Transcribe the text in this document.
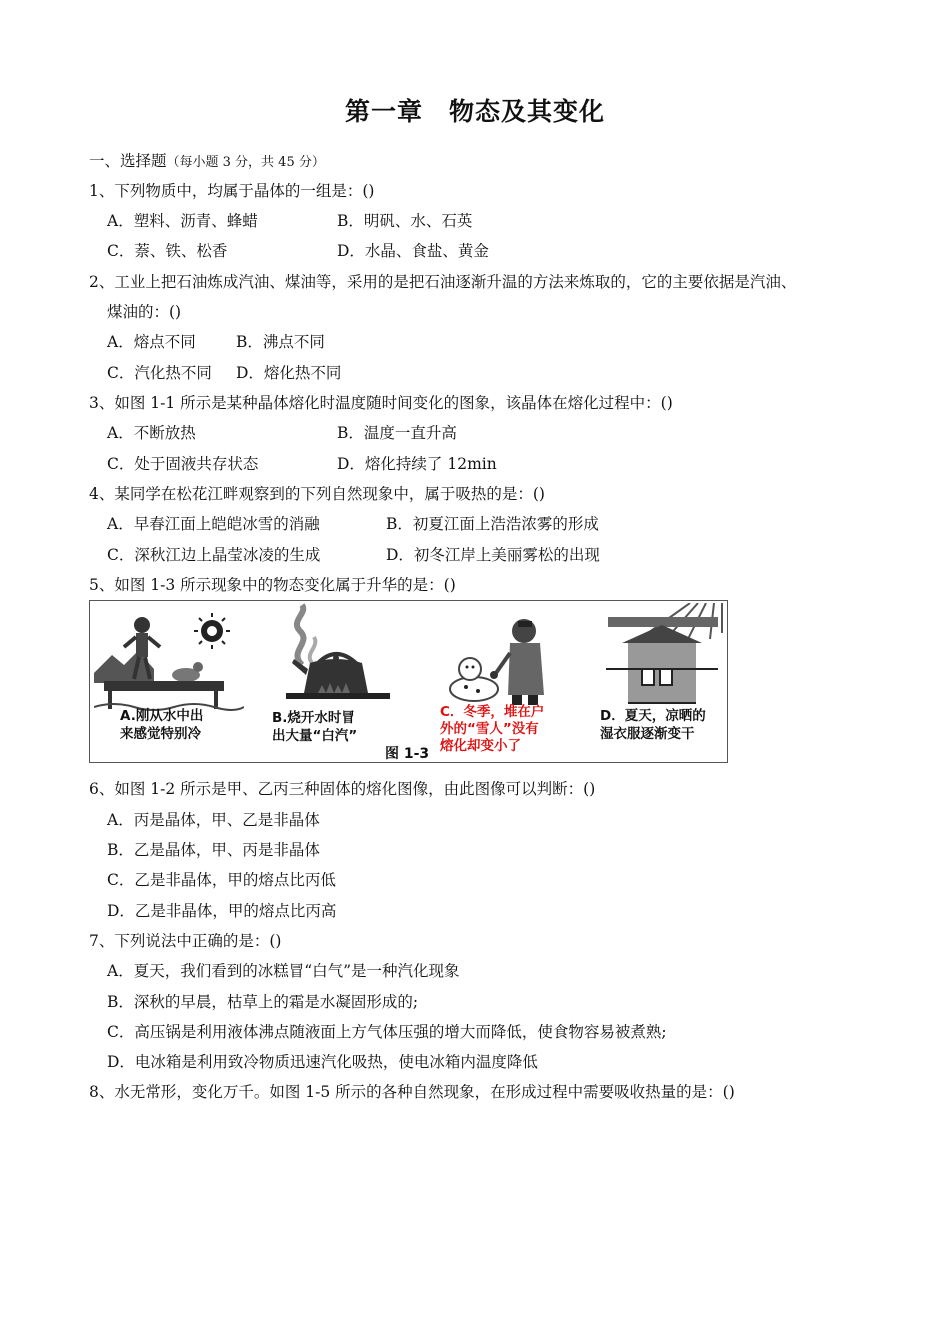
第一章 物态及其变化
一、选择题（每小题 3 分，共 45 分）
1、下列物质中，均属于晶体的一组是：()
A．塑料、沥青、蜂蜡	B．明矾、水、石英
C．萘、铁、松香	D．水晶、食盐、黄金
2、工业上把石油炼成汽油、煤油等，采用的是把石油逐渐升温的方法来炼取的，它的主要依据是汽油、
煤油的：()
A．熔点不同	B．沸点不同
C．汽化热不同 D．熔化热不同
3、如图 1-1 所示是某种晶体熔化时温度随时间变化的图象，该晶体在熔化过程中：()
A．不断放热	B．温度一直升高
C．处于固液共存状态	D．熔化持续了 12min
4、某同学在松花江畔观察到的下列自然现象中，属于吸热的是：()
A．早春江面上皑皑冰雪的消融	B．初夏江面上浩浩浓雾的形成
C．深秋江边上晶莹冰凌的生成	D．初冬江岸上美丽雾松的出现
5、如图 1-3 所示现象中的物态变化属于升华的是：()
A.刚从水中出
来感觉特别冷
B.烧开水时冒
出大量“白汽”
C．冬季，堆在户
外的“雪人”没有
熔化却变小了
D．夏天，凉晒的
湿衣服逐渐变干
图 1-3
6、如图 1-2 所示是甲、乙丙三种固体的熔化图像，由此图像可以判断：()
A．丙是晶体，甲、乙是非晶体
B．乙是晶体，甲、丙是非晶体
C．乙是非晶体，甲的熔点比丙低
D．乙是非晶体，甲的熔点比丙高
7、下列说法中正确的是：()
A．夏天，我们看到的冰糕冒“白气”是一种汽化现象
B．深秋的早晨，枯草上的霜是水凝固形成的;
C．高压锅是利用液体沸点随液面上方气体压强的增大而降低，使食物容易被煮熟;
D．电冰箱是利用致冷物质迅速汽化吸热，使电冰箱内温度降低
8、水无常形，变化万千。如图 1-5 所示的各种自然现象，在形成过程中需要吸收热量的是：()
